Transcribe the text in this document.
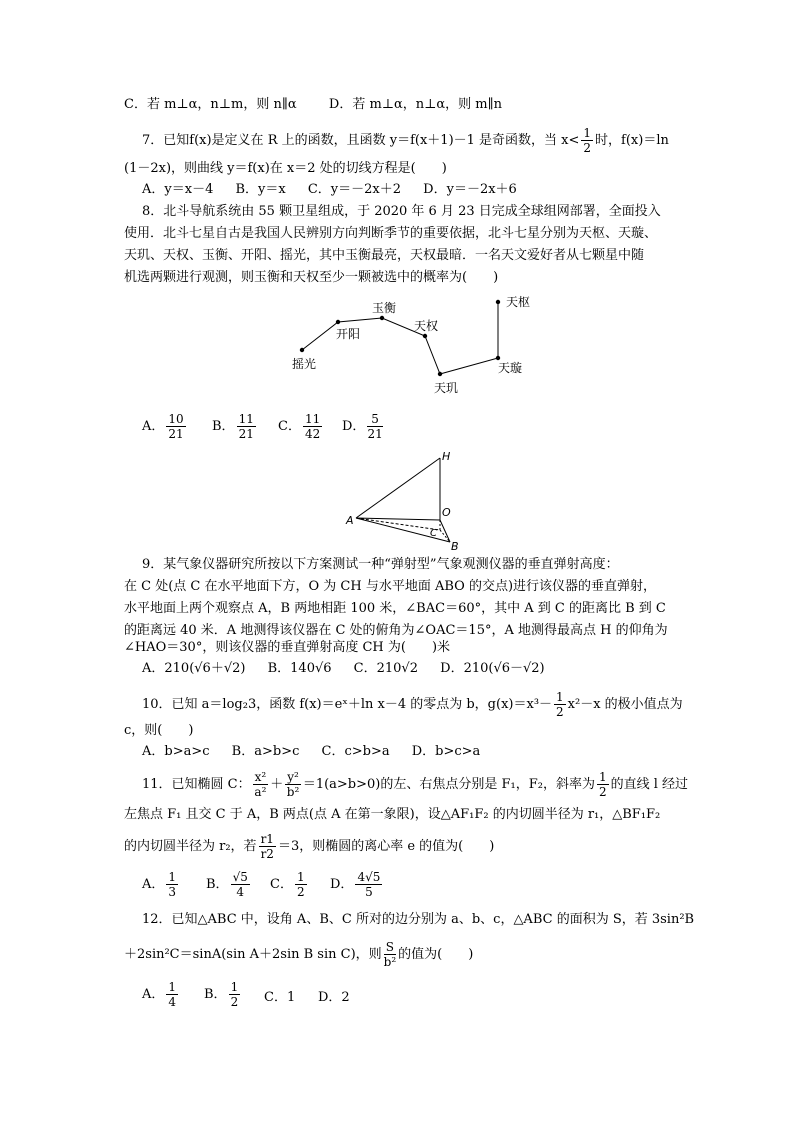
C．若 m⊥α，n⊥m，则 n∥α D．若 m⊥α，n⊥α，则 m∥n
7．已知f(x)是定义在 R 上的函数，且函数 y＝f(x＋1)－1 是奇函数，当 $x< \frac{1}{2}$ 时，f(x)＝ln
(1－2x)，则曲线 y＝f(x)在 x＝2 处的切线方程是(　　)
A．y＝x－4 B．y＝x C．y＝－2x＋2 D．y＝－2x＋6
8．北斗导航系统由 55 颗卫星组成，于 2020 年 6 月 23 日完成全球组网部署，全面投入
使用．北斗七星自古是我国人民辨别方向判断季节的重要依据，北斗七星分别为天枢、天璇、
天玑、天权、玉衡、开阳、摇光，其中玉衡最亮，天权最暗．一名天文爱好者从七颗星中随
机选两颗进行观测，则玉衡和天权至少一颗被选中的概率为(　　)
天枢
天璇
天玑
天权
玉衡
开阳
摇光
A． $\frac{10}{21}$ B． $\frac{11}{21}$ C． $\frac{11}{42}$ D． $\frac{5}{21}$
H
O
A
C
B
9．某气象仪器研究所按以下方案测试一种“弹射型”气象观测仪器的垂直弹射高度：
在 C 处(点 C 在水平地面下方，O 为 CH 与水平地面 ABO 的交点)进行该仪器的垂直弹射，
水平地面上两个观察点 A，B 两地相距 100 米，∠BAC＝60°，其中 A 到 C 的距离比 B 到 C
的距离远 40 米．A 地测得该仪器在 C 处的俯角为∠OAC＝15°，A 地测得最高点 H 的仰角为
∠HAO＝30°，则该仪器的垂直弹射高度 CH 为(　　)米
A．210(√6＋√2) B．140√6 C．210√2 D．210(√6－√2)
10．已知 a＝log₂3，函数 f(x)＝eˣ＋ln x－4 的零点为 b，$g(x)=x^3- \frac{1}{2} x^2-x$ 的极小值点为
c，则(　　)
A．b>a>c B．a>b>c C．c>b>a D．b>c>a
11．已知椭圆 C： $\frac{\text{x²}}{\text{a²}} + \frac{\text{y²}}{\text{b²}} =1(a>b>0)$的左、右焦点分别是 F₁，F₂，斜率为 $\frac{1}{2}$ 的直线 l 经过
左焦点 F₁ 且交 C 于 A，B 两点(点 A 在第一象限)，设△AF₁F₂ 的内切圆半径为 r₁，△BF₁F₂
的内切圆半径为 r₂，若 $\frac{r1}{r2} =3$，则椭圆的离心率 e 的值为(　　)
A． $\frac{1}{3}$ B． $\frac{√5}{4}$ C． $\frac{1}{2}$ D． $\frac{4√5}{5}$
12．已知△ABC 中，设角 A、B、C 所对的边分别为 a、b、c，△ABC 的面积为 S，若 3sin²B
＋2sin²C＝sinA(sin A＋2sin B sin C)，则 $\frac{S}{\text{b²}}$ 的值为(　　)
A． $\frac{1}{4}$ B． $\frac{1}{2}$ C．1 D．2
